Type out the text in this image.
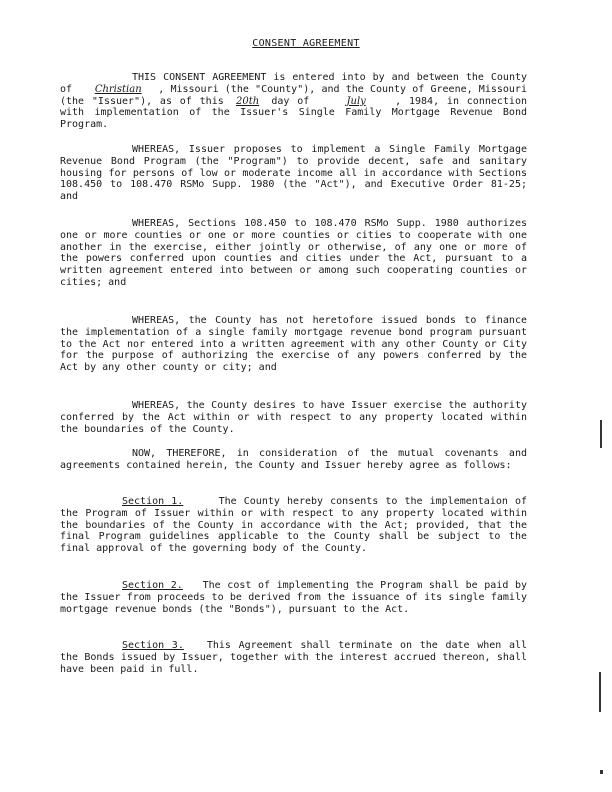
CONSENT AGREEMENT
THIS CONSENT AGREEMENT is entered into by and between the County of Christian , Missouri (the "County"), and the County of Greene, Missouri (the "Issuer"), as of this 20th day of	July	, 1984, in connection with implementation of the Issuer's Single Family Mortgage Revenue Bond Program.
WHEREAS, Issuer proposes to implement a Single Family Mortgage Revenue Bond Program (the "Program") to provide decent, safe and sanitary housing for persons of low or moderate income all in accordance with Sections 108.450 to 108.470 RSMo Supp. 1980 (the "Act"), and Executive Order 81-25; and
WHEREAS, Sections 108.450 to 108.470 RSMo Supp. 1980 authorizes one or more counties or one or more counties or cities to cooperate with one another in the exercise, either jointly or otherwise, of any one or more of the powers conferred upon counties and cities under the Act, pursuant to a written agreement entered into between or among such cooperating counties or cities; and
WHEREAS, the County has not heretofore issued bonds to finance the implementation of a single family mortgage revenue bond program pursuant to the Act nor entered into a written agreement with any other County or City for the purpose of authorizing the exercise of any powers conferred by the Act by any other county or city; and
WHEREAS, the County desires to have Issuer exercise the authority conferred by the Act within or with respect to any property located within the boundaries of the County.
NOW, THEREFORE, in consideration of the mutual covenants and agreements contained herein, the County and Issuer hereby agree as follows:
Section 1.	The County hereby consents to the implementaion of the Program of Issuer within or with respect to any property located within the boundaries of the County in accordance with the Act; provided, that the final Program guidelines applicable to the County shall be subject to the final approval of the governing body of the County.
Section 2. The cost of implementing the Program shall be paid by the Issuer from proceeds to be derived from the issuance of its single family mortgage revenue bonds (the "Bonds"), pursuant to the Act.
Section 3. This Agreement shall terminate on the date when all the Bonds issued by Issuer, together with the interest accrued thereon, shall have been paid in full.
